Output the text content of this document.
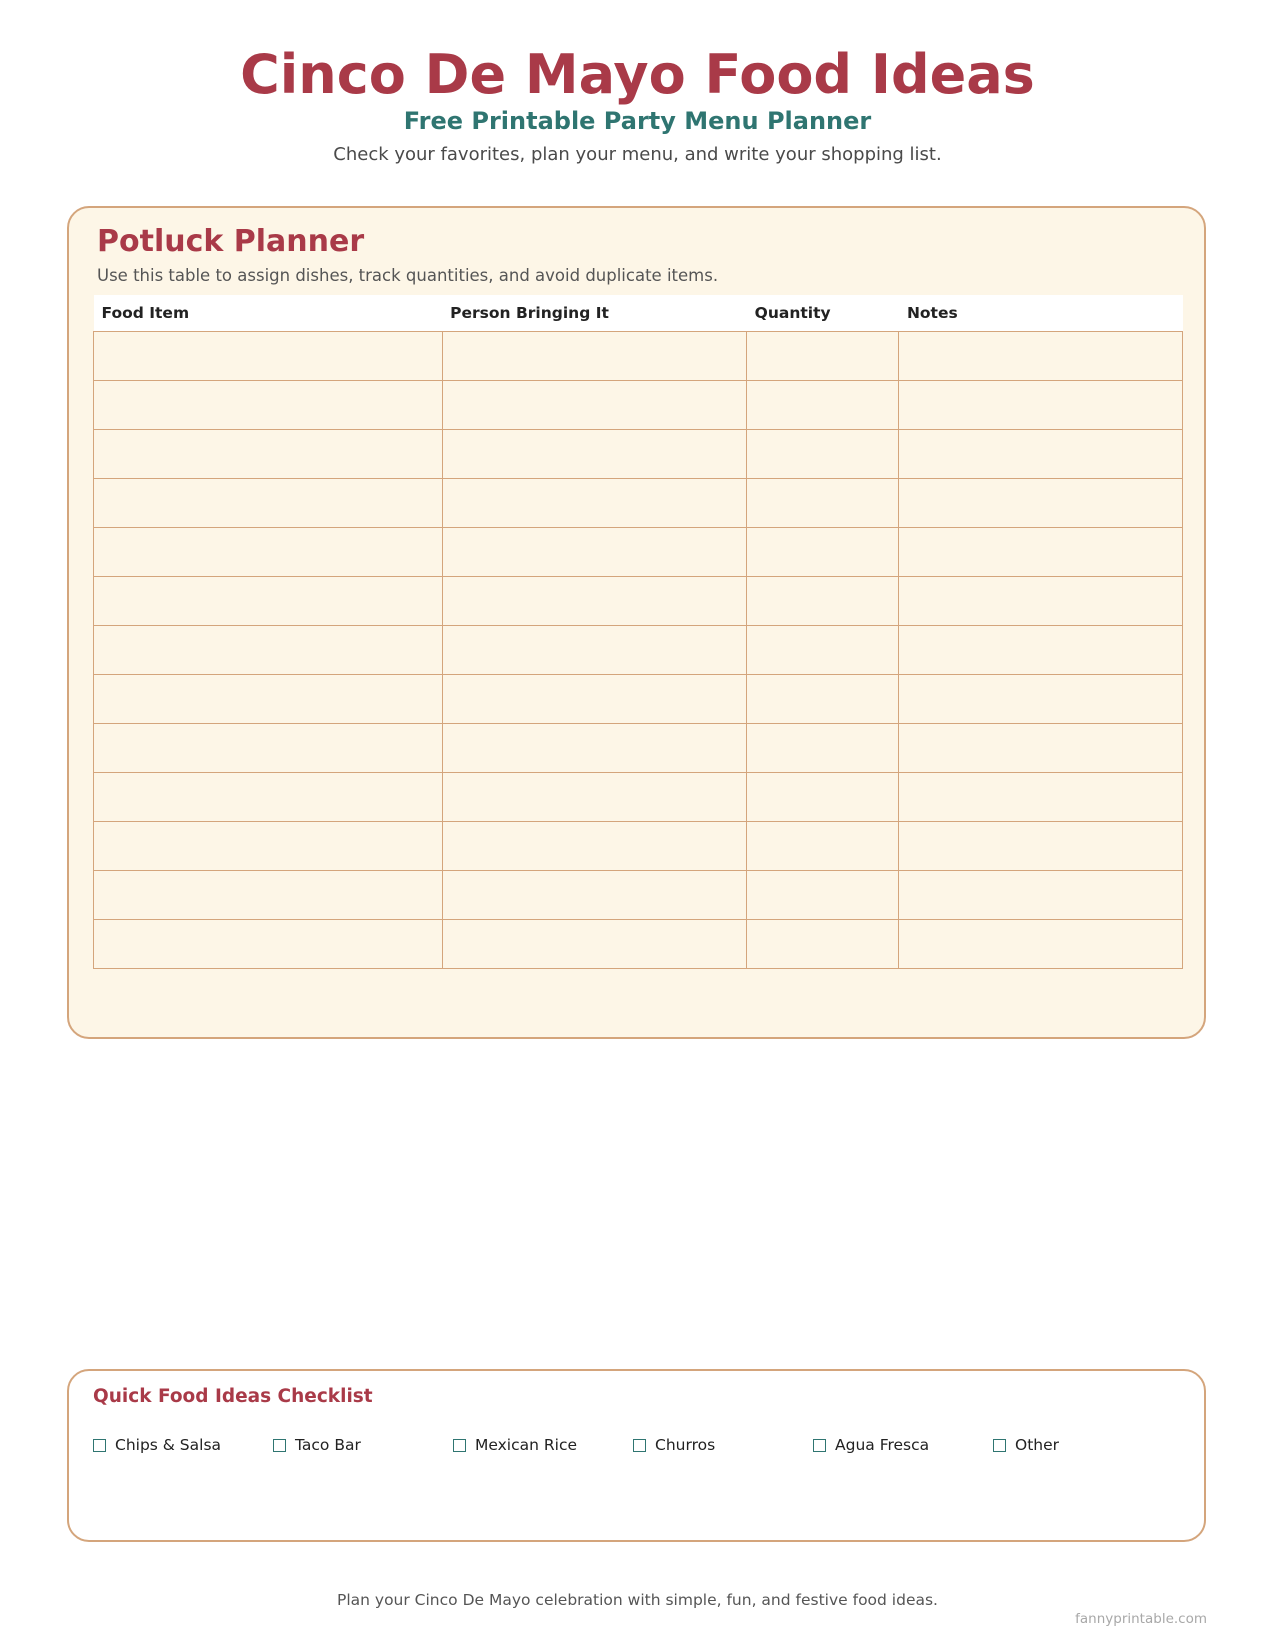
Cinco De Mayo Food Ideas
Free Printable Party Menu Planner
Check your favorites, plan your menu, and write your shopping list.
Potluck Planner
Use this table to assign dishes, track quantities, and avoid duplicate items.
Food Item	Person Bringing It	Quantity	Notes

Quick Food Ideas Checklist
Chips & Salsa	Taco Bar	Mexican Rice	Churros	Agua Fresca	Other
Plan your Cinco De Mayo celebration with simple, fun, and festive food ideas.
fannyprintable.com
